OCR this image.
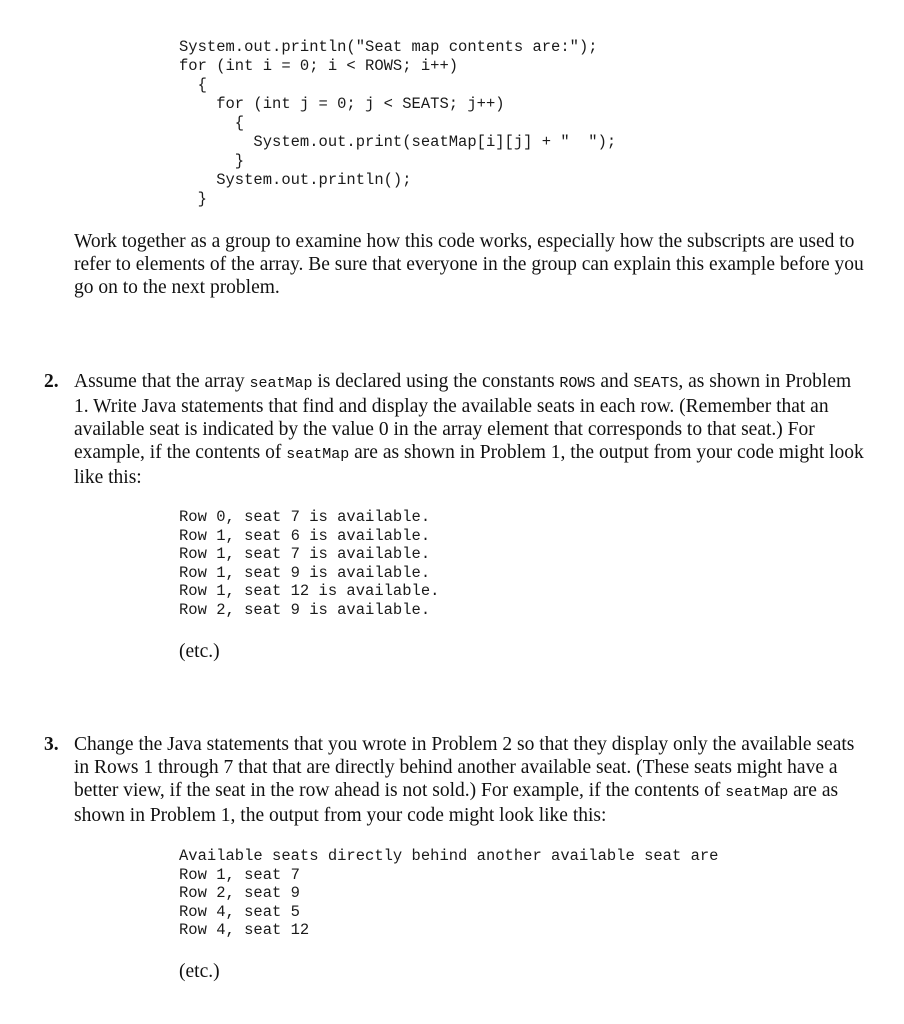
System.out.println("Seat map contents are:");
for (int i = 0; i < ROWS; i++)
{
for (int j = 0; j < SEATS; j++)
{
System.out.print(seatMap[i][j] + "  ");
}
System.out.println();
}
Work together as a group to examine how this code works, especially how the subscripts are used to refer to elements of the array. Be sure that everyone in the group can explain this example before you go on to the next problem.
2. Assume that the array seatMap is declared using the constants ROWS and SEATS, as shown in Problem 1. Write Java statements that find and display the available seats in each row. (Remember that an available seat is indicated by the value 0 in the array element that corresponds to that seat.) For example, if the contents of seatMap are as shown in Problem 1, the output from your code might look like this:
Row 0, seat 7 is available.
Row 1, seat 6 is available.
Row 1, seat 7 is available.
Row 1, seat 9 is available.
Row 1, seat 12 is available.
Row 2, seat 9 is available.
(etc.)
3. Change the Java statements that you wrote in Problem 2 so that they display only the available seats in Rows 1 through 7 that that are directly behind another available seat. (These seats might have a better view, if the seat in the row ahead is not sold.) For example, if the contents of seatMap are as shown in Problem 1, the output from your code might look like this:
Available seats directly behind another available seat are
Row 1, seat 7
Row 2, seat 9
Row 4, seat 5
Row 4, seat 12
(etc.)
